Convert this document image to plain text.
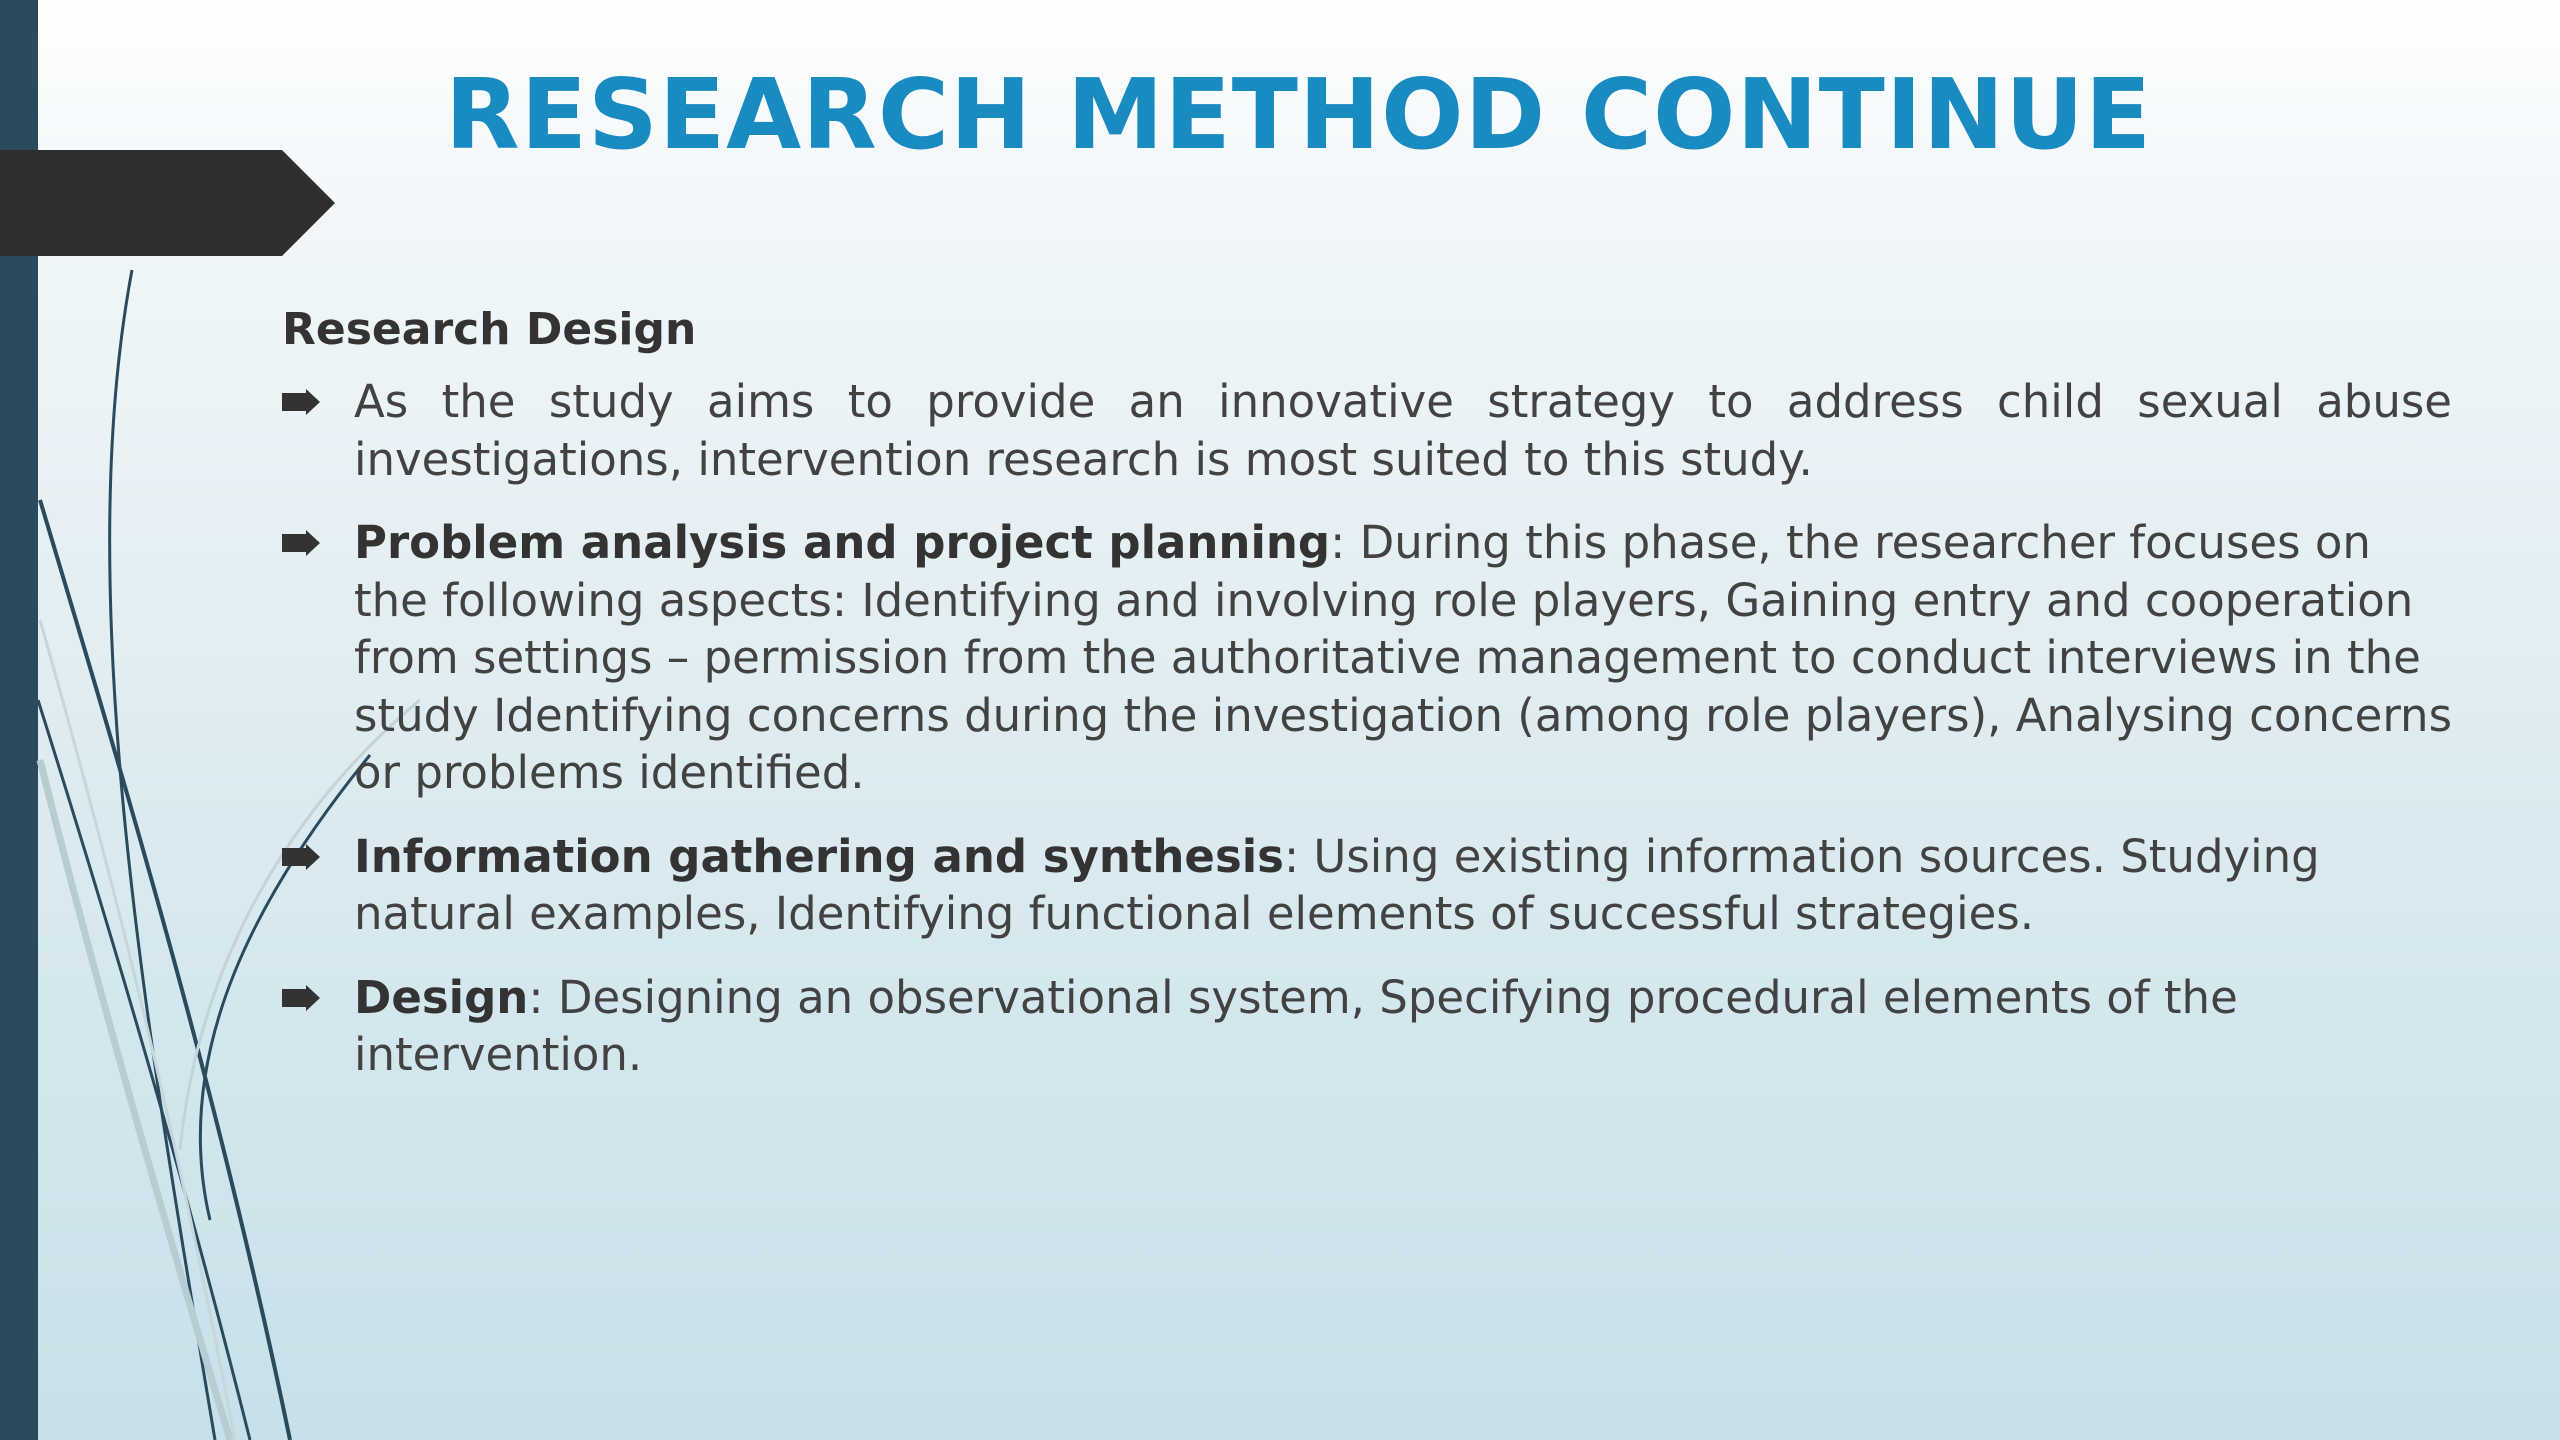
RESEARCH METHOD CONTINUE
Research Design
As the study aims to provide an innovative strategy to address child sexual abuse investigations, intervention research is most suited to this study.
Problem analysis and project planning: During this phase, the researcher focuses on the following aspects: Identifying and involving role players, Gaining entry and cooperation from settings – permission from the authoritative management to conduct interviews in the study Identifying concerns during the investigation (among role players), Analysing concerns or problems identified.
Information gathering and synthesis: Using existing information sources. Studying natural examples, Identifying functional elements of successful strategies.
Design: Designing an observational system, Specifying procedural elements of the intervention.
